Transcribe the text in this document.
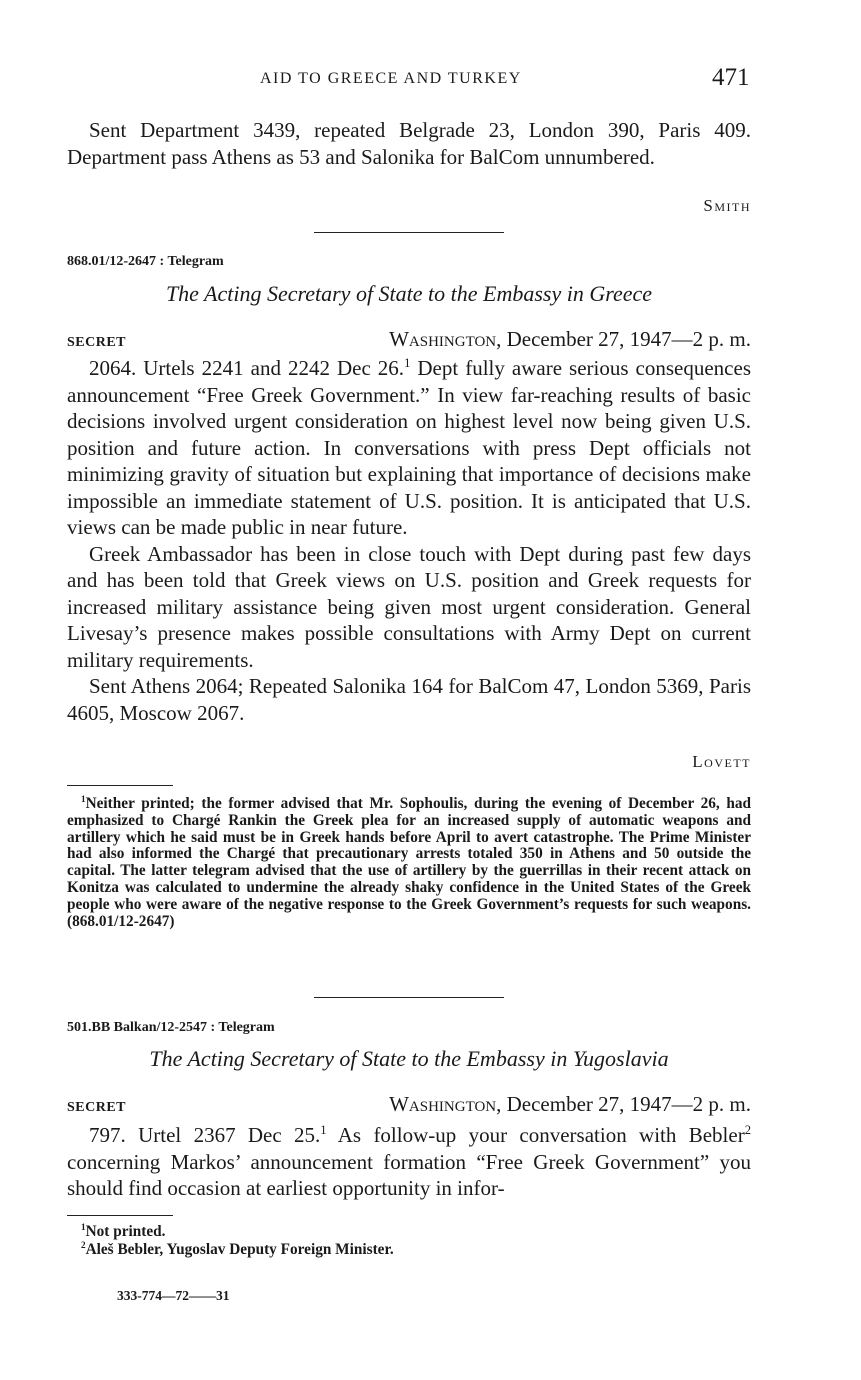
AID TO GREECE AND TURKEY	471

Sent Department 3439, repeated Belgrade 23, London 390, Paris 409. Department pass Athens as 53 and Salonika for BalCom unnumbered.

Smith
868.01/12-2647 : Telegram
The Acting Secretary of State to the Embassy in Greece
SECRET	Washington, December 27, 1947—2 p. m.

2064. Urtels 2241 and 2242 Dec 26.$^1$ Dept fully aware serious consequences announcement “Free Greek Government.” In view far-reaching results of basic decisions involved urgent consideration on highest level now being given U.S. position and future action. In conversations with press Dept officials not minimizing gravity of situation but explaining that importance of decisions make impossible an immediate statement of U.S. position. It is anticipated that U.S. views can be made public in near future.

Greek Ambassador has been in close touch with Dept during past few days and has been told that Greek views on U.S. position and Greek requests for increased military assistance being given most urgent consideration. General Livesay’s presence makes possible consultations with Army Dept on current military requirements.

Sent Athens 2064; Repeated Salonika 164 for BalCom 47, London 5369, Paris 4605, Moscow 2067.

Lovett

$^1$Neither printed; the former advised that Mr. Sophoulis, during the evening of December 26, had emphasized to Chargé Rankin the Greek plea for an increased supply of automatic weapons and artillery which he said must be in Greek hands before April to avert catastrophe. The Prime Minister had also informed the Chargé that precautionary arrests totaled 350 in Athens and 50 outside the capital. The latter telegram advised that the use of artillery by the guerrillas in their recent attack on Konitza was calculated to undermine the already shaky confidence in the United States of the Greek people who were aware of the negative response to the Greek Government’s requests for such weapons. (868.01/12-2647)

501.BB Balkan/12-2547 : Telegram
The Acting Secretary of State to the Embassy in Yugoslavia
SECRET	Washington, December 27, 1947—2 p. m.

797. Urtel 2367 Dec 25.$^1$ As follow-up your conversation with Bebler$^2$ concerning Markos’ announcement formation “Free Greek Government” you should find occasion at earliest opportunity in infor-

$^1$Not printed.

$^2$Aleš Bebler, Yugoslav Deputy Foreign Minister.

333-774—72——31
